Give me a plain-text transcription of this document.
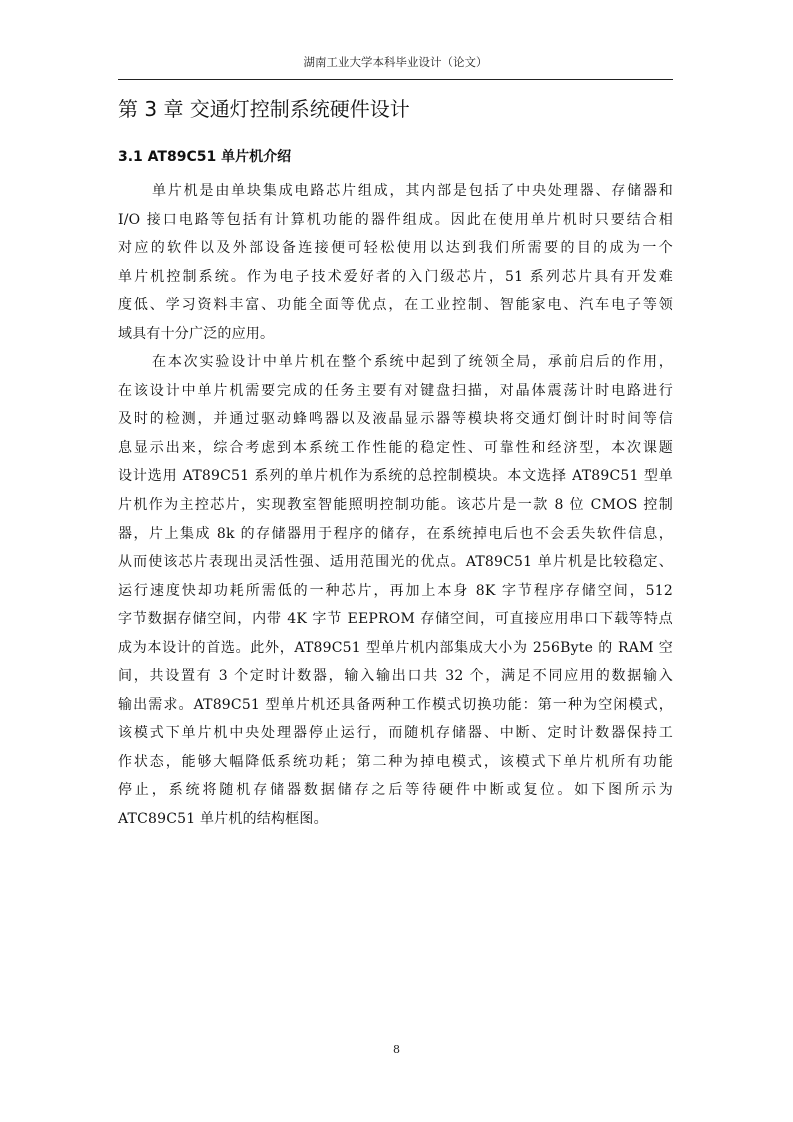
湖南工业大学本科毕业设计（论文）
第 3 章 交通灯控制系统硬件设计
3.1 AT89C51 单片机介绍
单片机是由单块集成电路芯片组成，其内部是包括了中央处理器、存储器和
I/O 接口电路等包括有计算机功能的器件组成。因此在使用单片机时只要结合相
对应的软件以及外部设备连接便可轻松使用以达到我们所需要的目的成为一个
单片机控制系统。作为电子技术爱好者的入门级芯片，51 系列芯片具有开发难
度低、学习资料丰富、功能全面等优点，在工业控制、智能家电、汽车电子等领
域具有十分广泛的应用。
在本次实验设计中单片机在整个系统中起到了统领全局，承前启后的作用，
在该设计中单片机需要完成的任务主要有对键盘扫描，对晶体震荡计时电路进行
及时的检测，并通过驱动蜂鸣器以及液晶显示器等模块将交通灯倒计时时间等信
息显示出来，综合考虑到本系统工作性能的稳定性、可靠性和经济型，本次课题
设计选用 AT89C51 系列的单片机作为系统的总控制模块。本文选择 AT89C51 型单
片机作为主控芯片，实现教室智能照明控制功能。该芯片是一款 8 位 CMOS 控制
器，片上集成 8k 的存储器用于程序的储存，在系统掉电后也不会丢失软件信息，
从而使该芯片表现出灵活性强、适用范围光的优点。AT89C51 单片机是比较稳定、
运行速度快却功耗所需低的一种芯片，再加上本身 8K 字节程序存储空间，512
字节数据存储空间，内带 4K 字节 EEPROM 存储空间，可直接应用串口下载等特点
成为本设计的首选。此外，AT89C51 型单片机内部集成大小为 256Byte 的 RAM 空
间，共设置有 3 个定时计数器，输入输出口共 32 个，满足不同应用的数据输入
输出需求。AT89C51 型单片机还具备两种工作模式切换功能：第一种为空闲模式，
该模式下单片机中央处理器停止运行，而随机存储器、中断、定时计数器保持工
作状态，能够大幅降低系统功耗；第二种为掉电模式，该模式下单片机所有功能
停止，系统将随机存储器数据储存之后等待硬件中断或复位。如下图所示为
ATC89C51 单片机的结构框图。
8
